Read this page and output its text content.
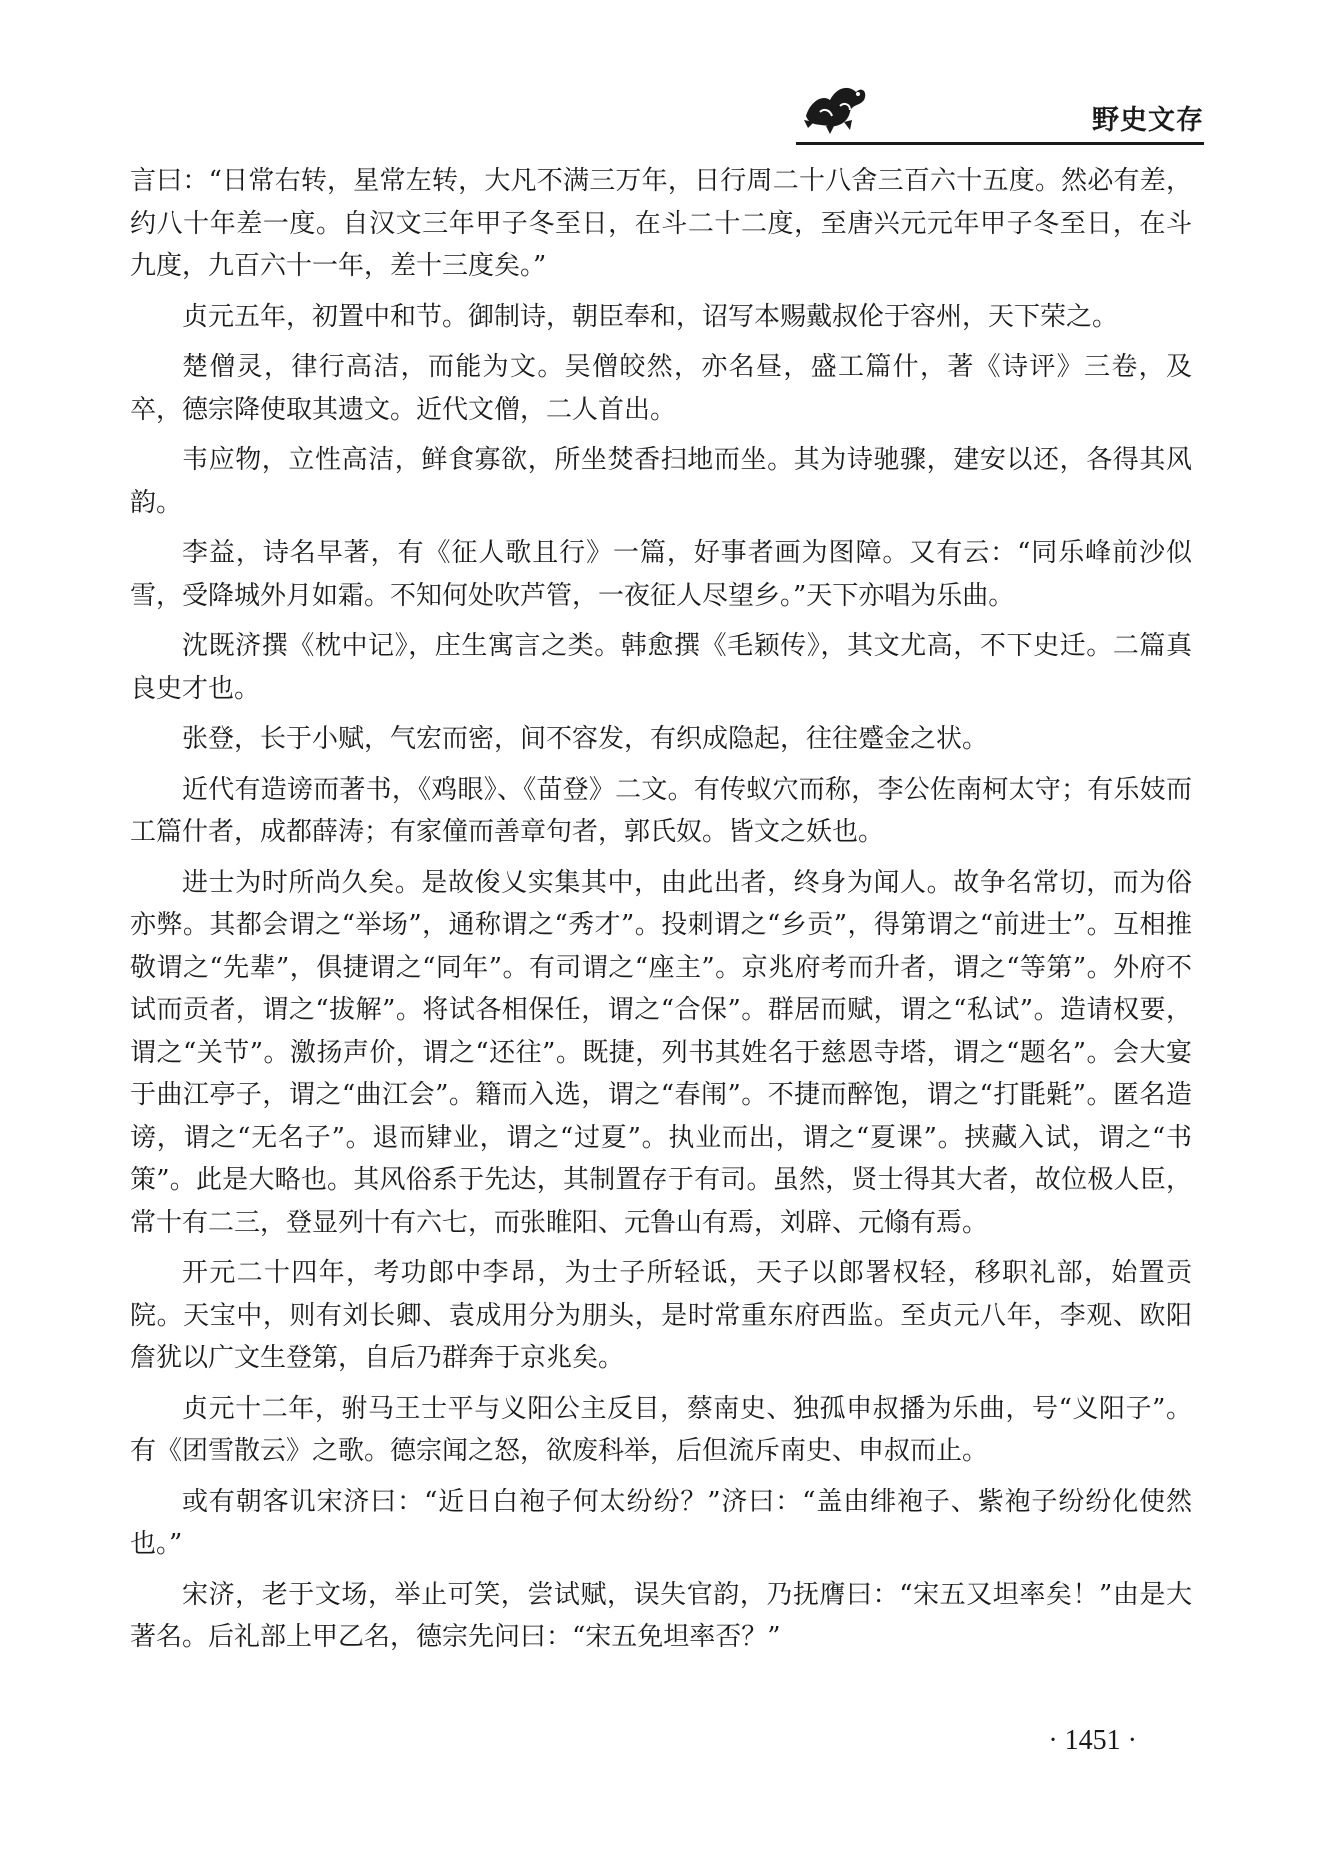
野史文存

言曰：“日常右转，星常左转，大凡不满三万年，日行周二十八舍三百六十五度。然必有差，约八十年差一度。自汉文三年甲子冬至日，在斗二十二度，至唐兴元元年甲子冬至日，在斗九度，九百六十一年，差十三度矣。”

贞元五年，初置中和节。御制诗，朝臣奉和，诏写本赐戴叔伦于容州，天下荣之。

楚僧灵，律行高洁，而能为文。吴僧皎然，亦名昼，盛工篇什，著《诗评》三卷，及卒，德宗降使取其遗文。近代文僧，二人首出。

韦应物，立性高洁，鲜食寡欲，所坐焚香扫地而坐。其为诗驰骤，建安以还，各得其风韵。

李益，诗名早著，有《征人歌且行》一篇，好事者画为图障。又有云：“同乐峰前沙似雪，受降城外月如霜。不知何处吹芦管，一夜征人尽望乡。”天下亦唱为乐曲。

沈既济撰《枕中记》，庄生寓言之类。韩愈撰《毛颖传》，其文尤高，不下史迁。二篇真良史才也。

张登，长于小赋，气宏而密，间不容发，有织成隐起，往往蹙金之状。

近代有造谤而著书，《鸡眼》、《苗登》二文。有传蚁穴而称，李公佐南柯太守；有乐妓而工篇什者，成都薛涛；有家僮而善章句者，郭氏奴。皆文之妖也。

进士为时所尚久矣。是故俊乂实集其中，由此出者，终身为闻人。故争名常切，而为俗亦弊。其都会谓之“举场”，通称谓之“秀才”。投刺谓之“乡贡”，得第谓之“前进士”。互相推敬谓之“先辈”，俱捷谓之“同年”。有司谓之“座主”。京兆府考而升者，谓之“等第”。外府不试而贡者，谓之“拔解”。将试各相保任，谓之“合保”。群居而赋，谓之“私试”。造请权要，谓之“关节”。激扬声价，谓之“还往”。既捷，列书其姓名于慈恩寺塔，谓之“题名”。会大宴于曲江亭子，谓之“曲江会”。籍而入选，谓之“春闱”。不捷而醉饱，谓之“打毷氉”。匿名造谤，谓之“无名子”。退而肄业，谓之“过夏”。执业而出，谓之“夏课”。挟藏入试，谓之“书策”。此是大略也。其风俗系于先达，其制置存于有司。虽然，贤士得其大者，故位极人臣，常十有二三，登显列十有六七，而张睢阳、元鲁山有焉，刘辟、元翛有焉。

开元二十四年，考功郎中李昂，为士子所轻诋，天子以郎署权轻，移职礼部，始置贡院。天宝中，则有刘长卿、袁成用分为朋头，是时常重东府西监。至贞元八年，李观、欧阳詹犹以广文生登第，自后乃群奔于京兆矣。

贞元十二年，驸马王士平与义阳公主反目，蔡南史、独孤申叔播为乐曲，号“义阳子”。有《团雪散云》之歌。德宗闻之怒，欲废科举，后但流斥南史、申叔而止。

或有朝客讥宋济曰：“近日白袍子何太纷纷？”济曰：“盖由绯袍子、紫袍子纷纷化使然也。”

宋济，老于文场，举止可笑，尝试赋，误失官韵，乃抚膺曰：“宋五又坦率矣！”由是大著名。后礼部上甲乙名，德宗先问曰：“宋五免坦率否？”

· 1451 ·
